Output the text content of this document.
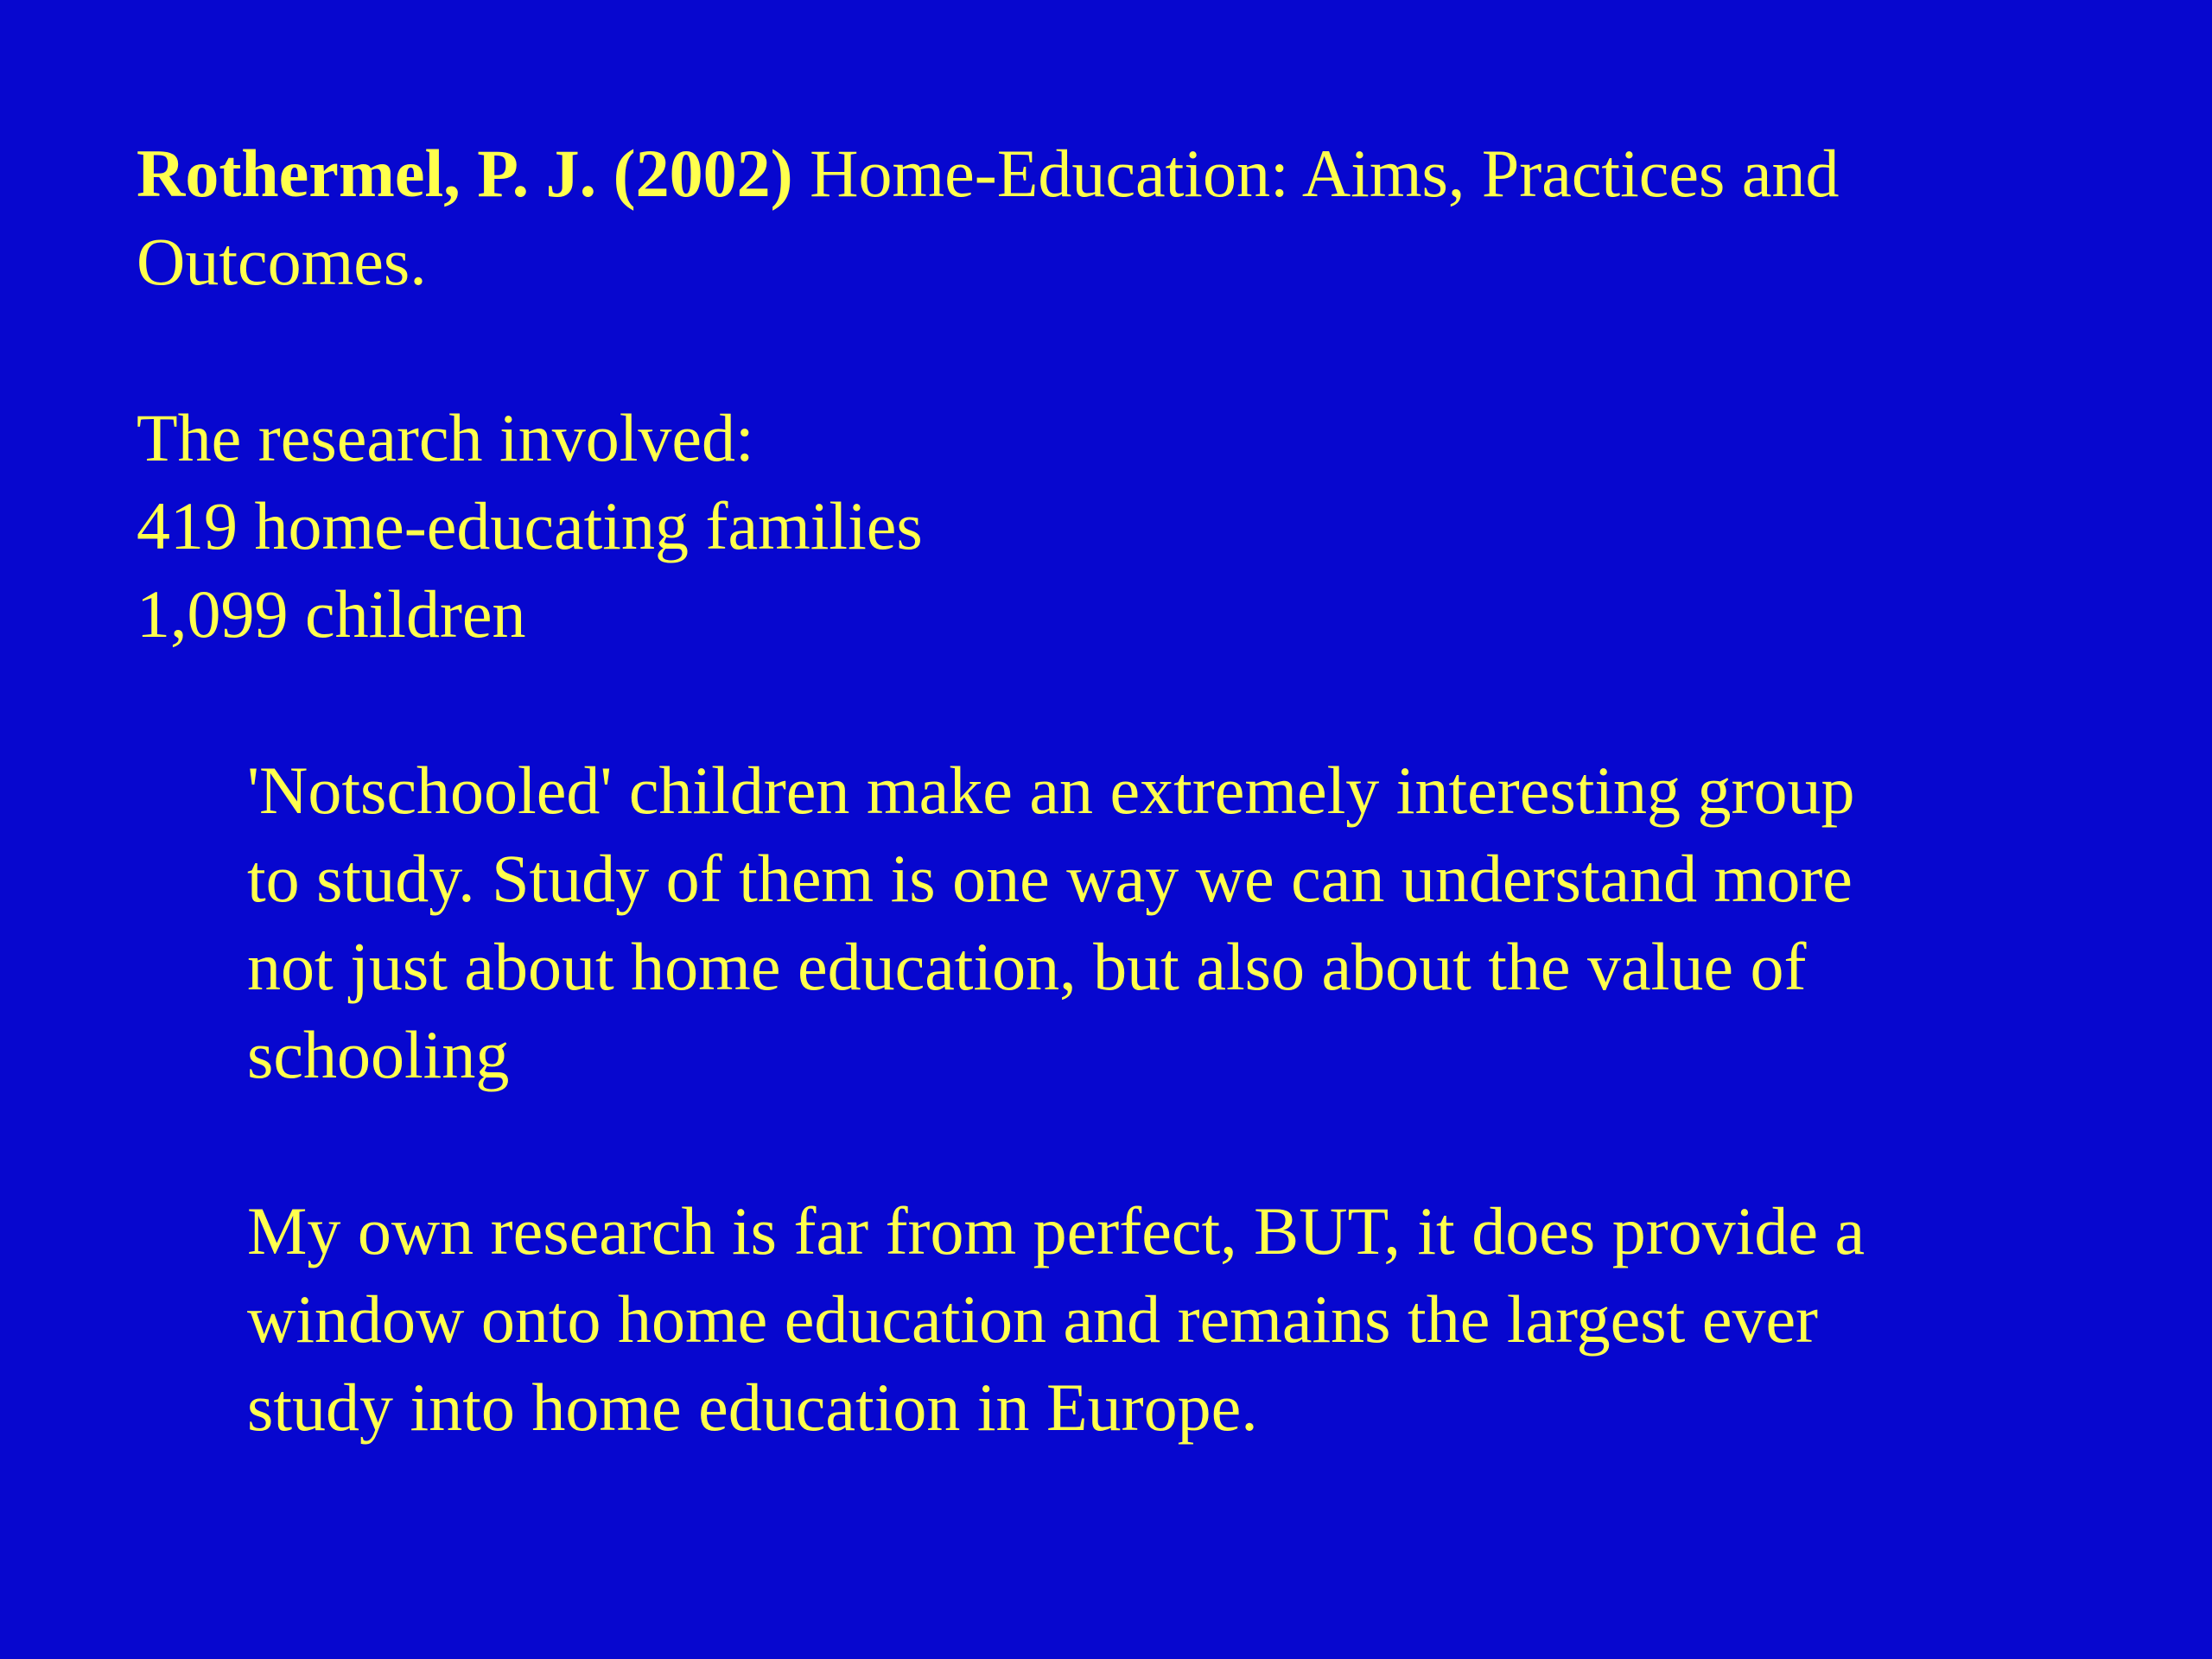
Rothermel, P. J. (2002) Home-Education: Aims, Practices and
Outcomes.
The research involved:
419 home-educating families
1,099 children
'Notschooled' children make an extremely interesting group
to study. Study of them is one way we can understand more
not just about home education, but also about the value of
schooling
My own research is far from perfect, BUT, it does provide a
window onto home education and remains the largest ever
study into home education in Europe.
